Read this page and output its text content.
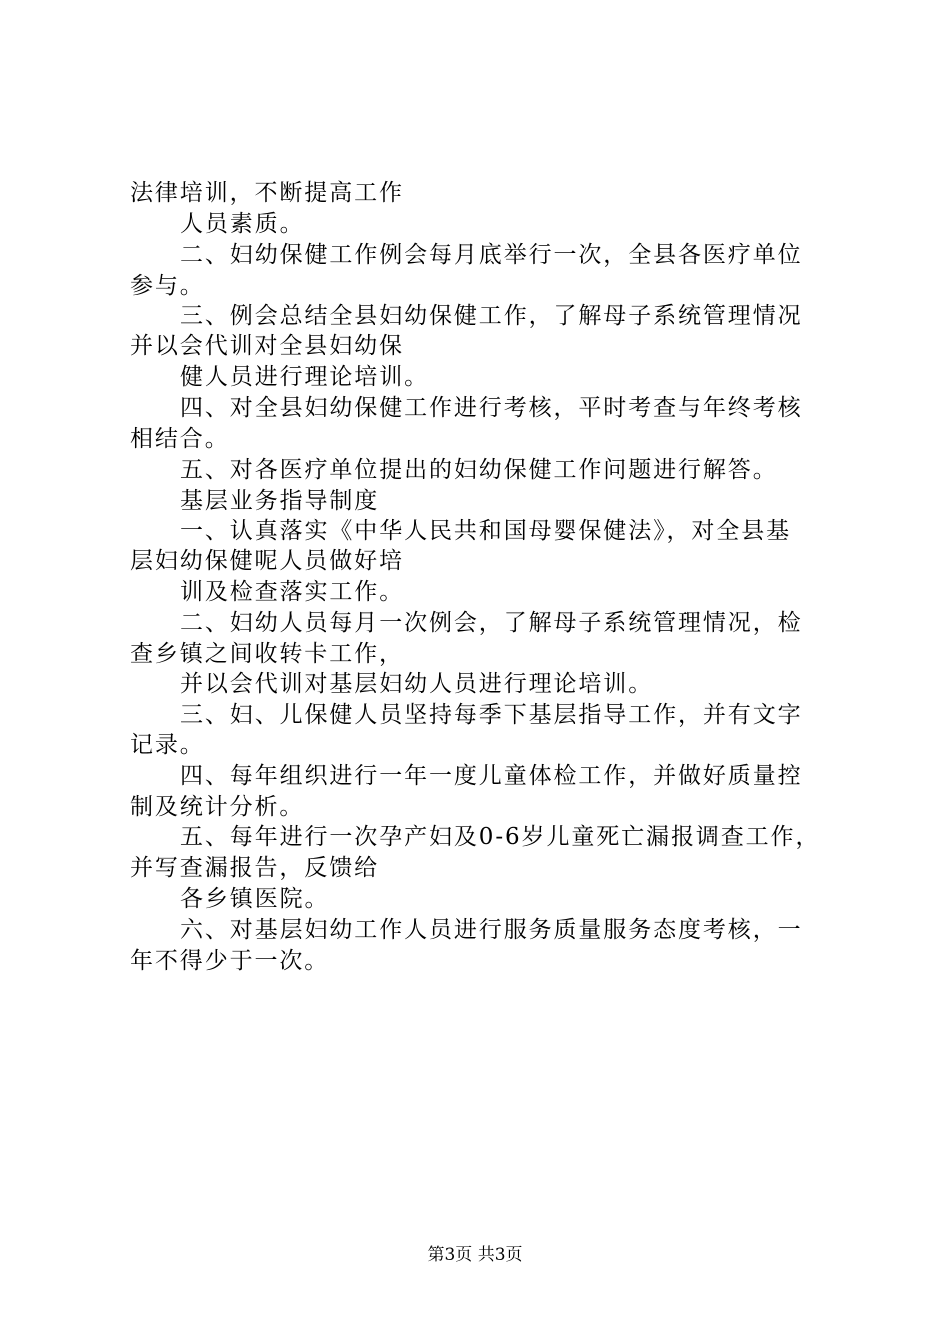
法律培训，不断提高工作
人员素质。
二、妇幼保健工作例会每月底举行一次，全县各医疗单位
参与。
三、例会总结全县妇幼保健工作，了解母子系统管理情况
并以会代训对全县妇幼保
健人员进行理论培训。
四、对全县妇幼保健工作进行考核，平时考查与年终考核
相结合。
五、对各医疗单位提出的妇幼保健工作问题进行解答。
基层业务指导制度
一、认真落实《中华人民共和国母婴保健法》，对全县基
层妇幼保健呢人员做好培
训及检查落实工作。
二、妇幼人员每月一次例会，了解母子系统管理情况，检
查乡镇之间收转卡工作，
并以会代训对基层妇幼人员进行理论培训。
三、妇、儿保健人员坚持每季下基层指导工作，并有文字
记录。
四、每年组织进行一年一度儿童体检工作，并做好质量控
制及统计分析。
五、每年进行一次孕产妇及0-6岁儿童死亡漏报调查工作，
并写查漏报告，反馈给
各乡镇医院。
六、对基层妇幼工作人员进行服务质量服务态度考核，一
年不得少于一次。
第3页 共3页
